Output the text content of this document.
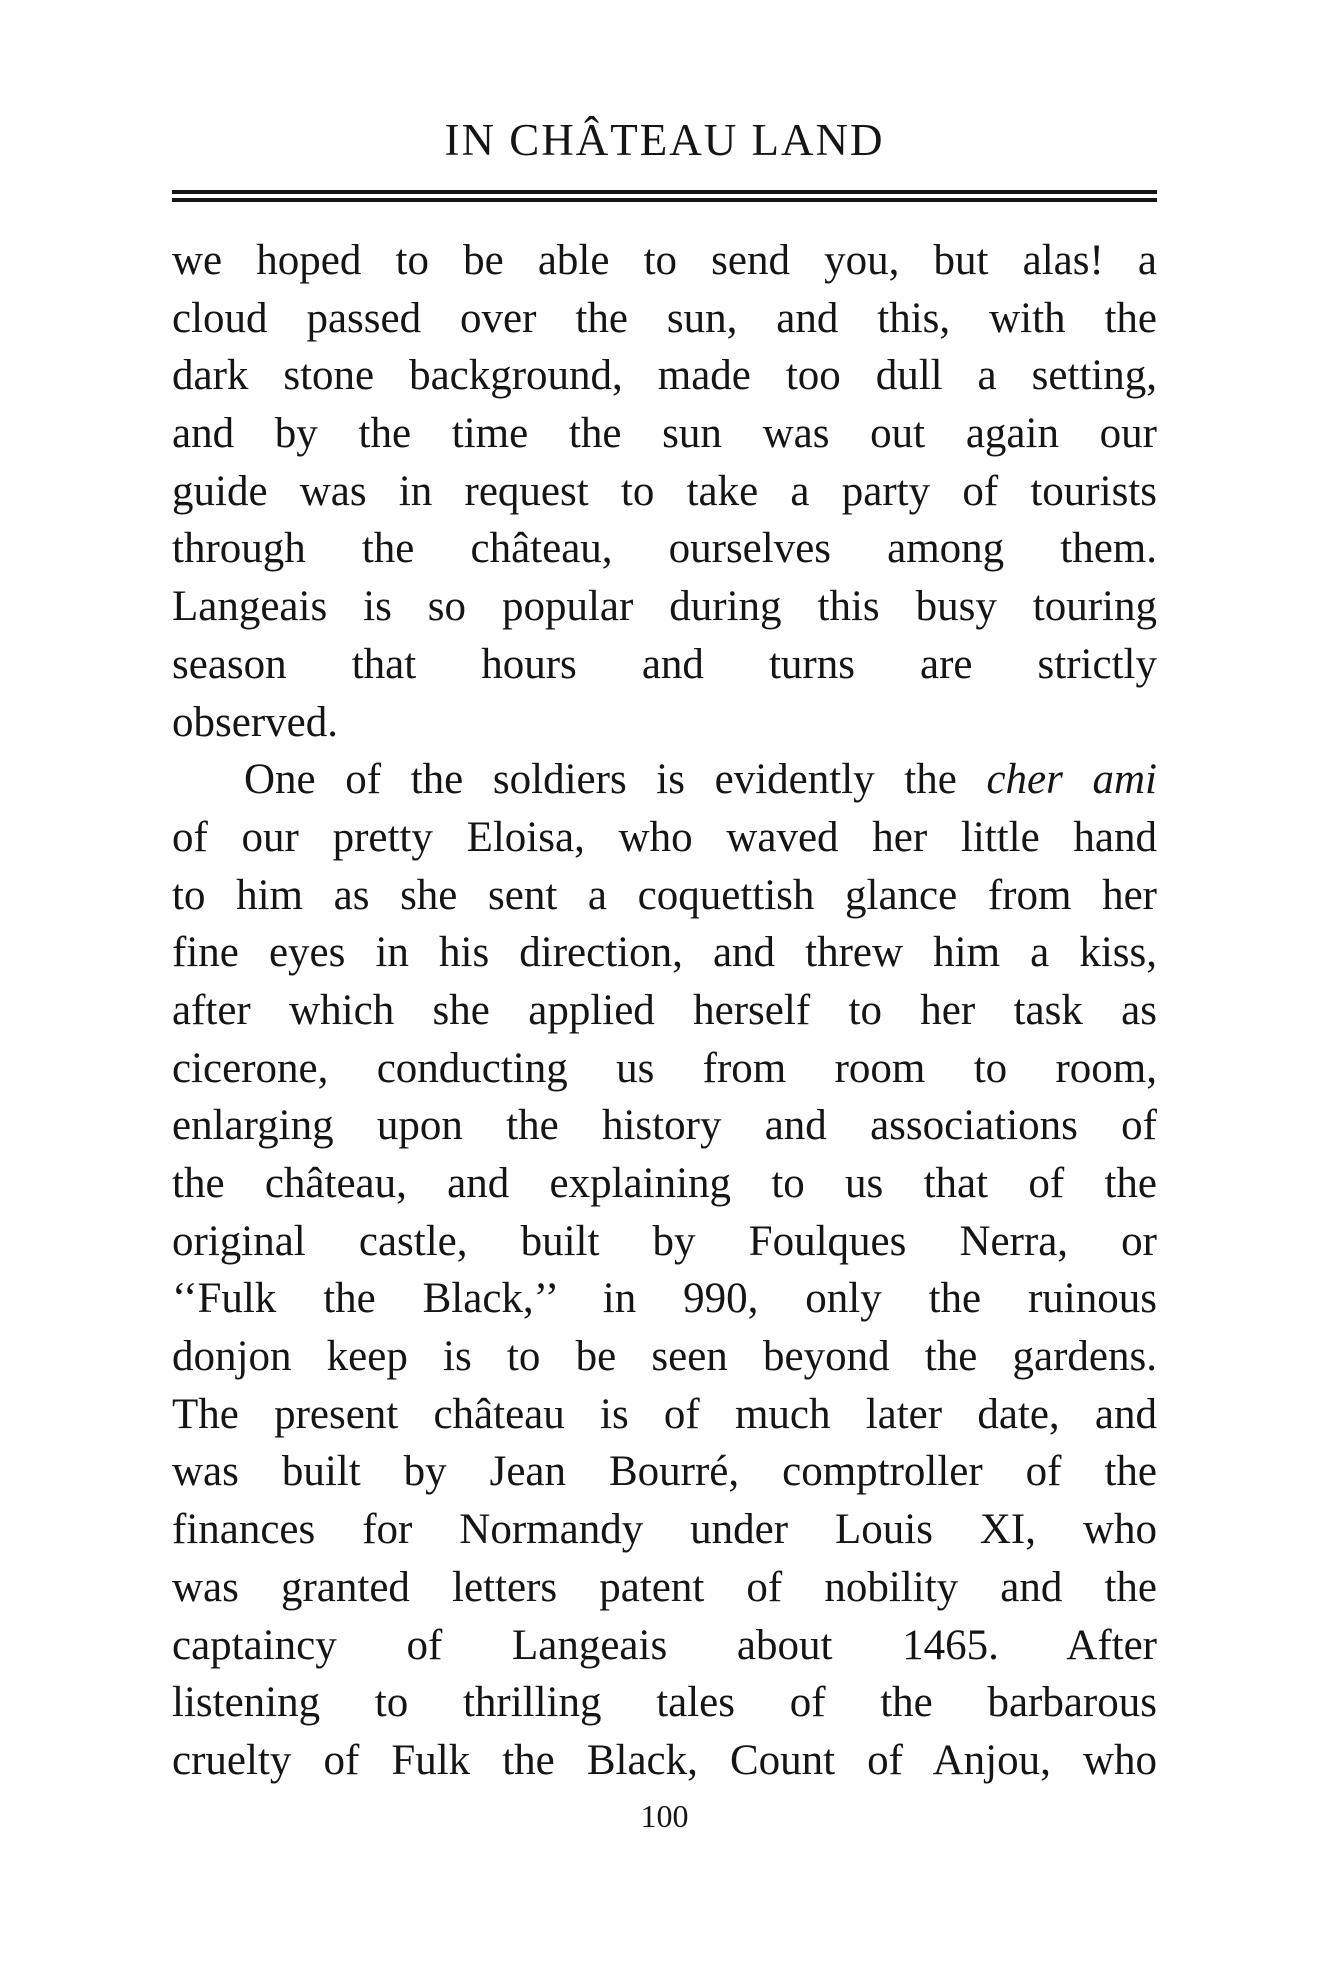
IN CHÂTEAU LAND
we hoped to be able to send you, but alas! a
cloud passed over the sun, and this, with the
dark stone background, made too dull a setting,
and by the time the sun was out again our
guide was in request to take a party of tourists
through the château, ourselves among them.
Langeais is so popular during this busy touring
season that hours and turns are strictly
observed.
One of the soldiers is evidently the cher ami
of our pretty Eloisa, who waved her little hand
to him as she sent a coquettish glance from her
fine eyes in his direction, and threw him a kiss,
after which she applied herself to her task as
cicerone, conducting us from room to room,
enlarging upon the history and associations of
the château, and explaining to us that of the
original castle, built by Foulques Nerra, or
‘‘Fulk the Black,’’ in 990, only the ruinous
donjon keep is to be seen beyond the gardens.
The present château is of much later date, and
was built by Jean Bourré, comptroller of the
finances for Normandy under Louis XI, who
was granted letters patent of nobility and the
captaincy of Langeais about 1465. After
listening to thrilling tales of the barbarous
cruelty of Fulk the Black, Count of Anjou, who
100
